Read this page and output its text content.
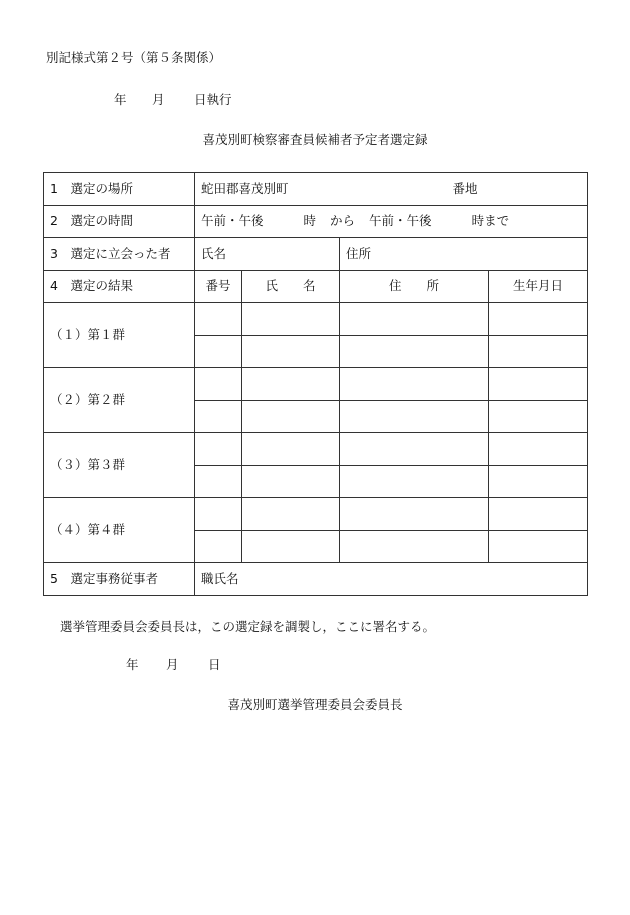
別記様式第２号（第５条関係）
年 月 日執行
喜茂別町検察審査員候補者予定者選定録
1　選定の場所	蛇田郡喜茂別町 番地			
2　選定の時間	午前・午後 時 から 午前・午後 時まで			
3　選定に立会った者	氏名		住所	
4　選定の結果	番号	氏　　名	住　　所	生年月日
（１）第１群				

（２）第２群				

（３）第３群				

（４）第４群				

5　選定事務従事者	職氏名			
選挙管理委員会委員長は，この選定録を調製し，ここに署名する。
年 月 日
喜茂別町選挙管理委員会委員長
